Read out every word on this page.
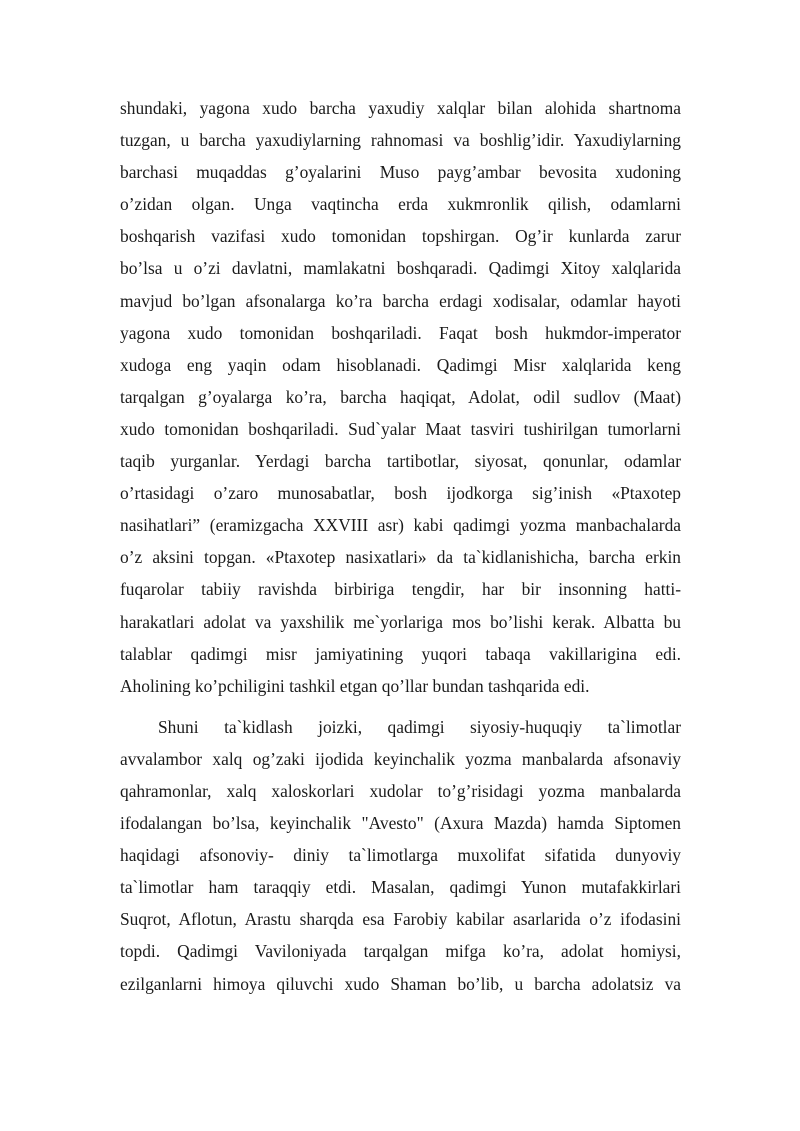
shundaki, yagona xudo barcha yaxudiy xalqlar bilan alohida shartnoma
tuzgan, u barcha yaxudiylarning rahnomasi va boshlig’idir. Yaxudiylarning
barchasi muqaddas g’oyalarini Muso payg’ambar bevosita xudoning
o’zidan olgan. Unga vaqtincha erda xukmronlik qilish, odamlarni
boshqarish vazifasi xudo tomonidan topshirgan. Og’ir kunlarda zarur
bo’lsa u o’zi davlatni, mamlakatni boshqaradi. Qadimgi Xitoy xalqlarida
mavjud bo’lgan afsonalarga ko’ra barcha erdagi xodisalar, odamlar hayoti
yagona xudo tomonidan boshqariladi. Faqat bosh hukmdor-imperator
xudoga eng yaqin odam hisoblanadi. Qadimgi Misr xalqlarida keng
tarqalgan g’oyalarga ko’ra, barcha haqiqat, Adolat, odil sudlov (Maat)
xudo tomonidan boshqariladi. Sud`yalar Maat tasviri tushirilgan tumorlarni
taqib yurganlar. Yerdagi barcha tartibotlar, siyosat, qonunlar, odamlar
o’rtasidagi o’zaro munosabatlar, bosh ijodkorga sig’inish «Ptaxotep
nasihatlari” (eramizgacha XXVIII asr) kabi qadimgi yozma manbachalarda
o’z aksini topgan. «Ptaxotep nasixatlari» da ta`kidlanishicha, barcha erkin
fuqarolar tabiiy ravishda birbiriga tengdir, har bir insonning hatti-
harakatlari adolat va yaxshilik me`yorlariga mos bo’lishi kerak. Albatta bu
talablar qadimgi misr jamiyatining yuqori tabaqa vakillarigina edi.
Aholining ko’pchiligini tashkil etgan qo’llar bundan tashqarida edi.

Shuni ta`kidlash joizki, qadimgi siyosiy-huquqiy ta`limotlar
avvalambor xalq og’zaki ijodida keyinchalik yozma manbalarda afsonaviy
qahramonlar, xalq xaloskorlari xudolar to’g’risidagi yozma manbalarda
ifodalangan bo’lsa, keyinchalik "Avesto" (Axura Mazda) hamda Siptomen
haqidagi afsonoviy- diniy ta`limotlarga muxolifat sifatida dunyoviy
ta`limotlar ham taraqqiy etdi. Masalan, qadimgi Yunon mutafakkirlari
Suqrot, Aflotun, Arastu sharqda esa Farobiy kabilar asarlarida o’z ifodasini
topdi. Qadimgi Vaviloniyada tarqalgan mifga ko’ra, adolat homiysi,
ezilganlarni himoya qiluvchi xudo Shaman bo’lib, u barcha adolatsiz va
